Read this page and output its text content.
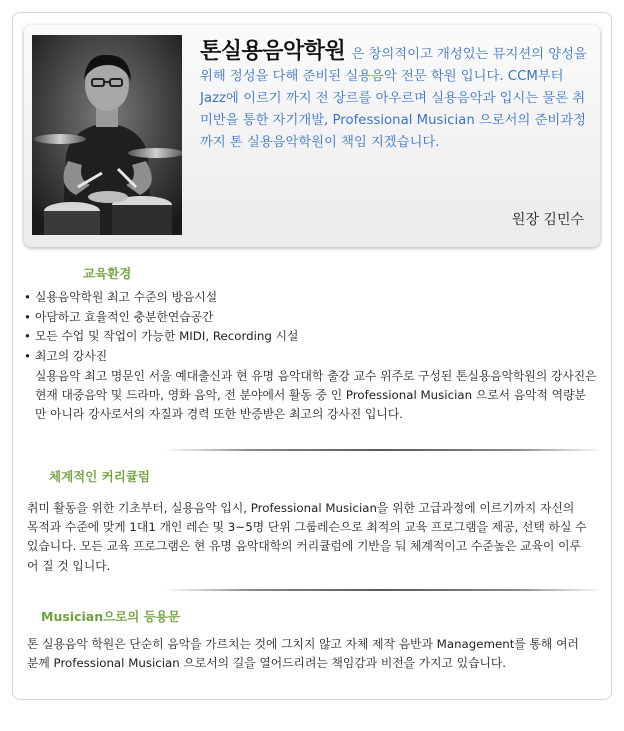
톤실용음악학원 은 창의적이고 개성있는 뮤지션의 양성을 위해 정성을 다해 준비된 실용음악 전문 학원 입니다. CCM부터 Jazz에 이르기 까지 전 장르를 아우르며 실용음악과 입시는 물론 취미반을 통한 자기개발, Professional Musician 으로서의 준비과정 까지 톤 실용음악학원이 책임 지겠습니다.
원장 김민수
교육환경
• 실용음악학원 최고 수준의 방음시설
• 아담하고 효율적인 충분한연습공간
• 모든 수업 및 작업이 가능한 MIDI, Recording 시설
• 최고의 강사진
실용음악 최고 명문인 서울 예대출신과 현 유명 음악대학 출강 교수 위주로 구성된 톤실용음악학원의 강사진은 현재 대중음악 및 드라마, 영화 음악, 전 분야에서 활동 중 인 Professional Musician 으로서 음악적 역량분만 아니라 강사로서의 자질과 경력 또한 반증받은 최고의 강사진 입니다.
체계적인 커리큘럼
취미 활동을 위한 기초부터, 실용음악 입시, Professional Musician을 위한 고급과정에 이르기까지 자신의 목적과 수준에 맞게 1대1 개인 레슨 및 3~5명 단위 그룹레슨으로 최적의 교육 프로그램을 제공, 선택 하실 수 있습니다. 모든 교육 프로그램은 현 유명 음악대학의 커리큘럼에 기반을 둬 체계적이고 수준높은 교육이 이루어 질 것 입니다.
Musician으로의 등용문
톤 실용음악 학원은 단순히 음악을 가르치는 것에 그치지 않고 자체 제작 음반과 Management를 통해 여러분께 Professional Musician 으로서의 길을 열어드리려는 책임감과 비전을 가지고 있습니다.
